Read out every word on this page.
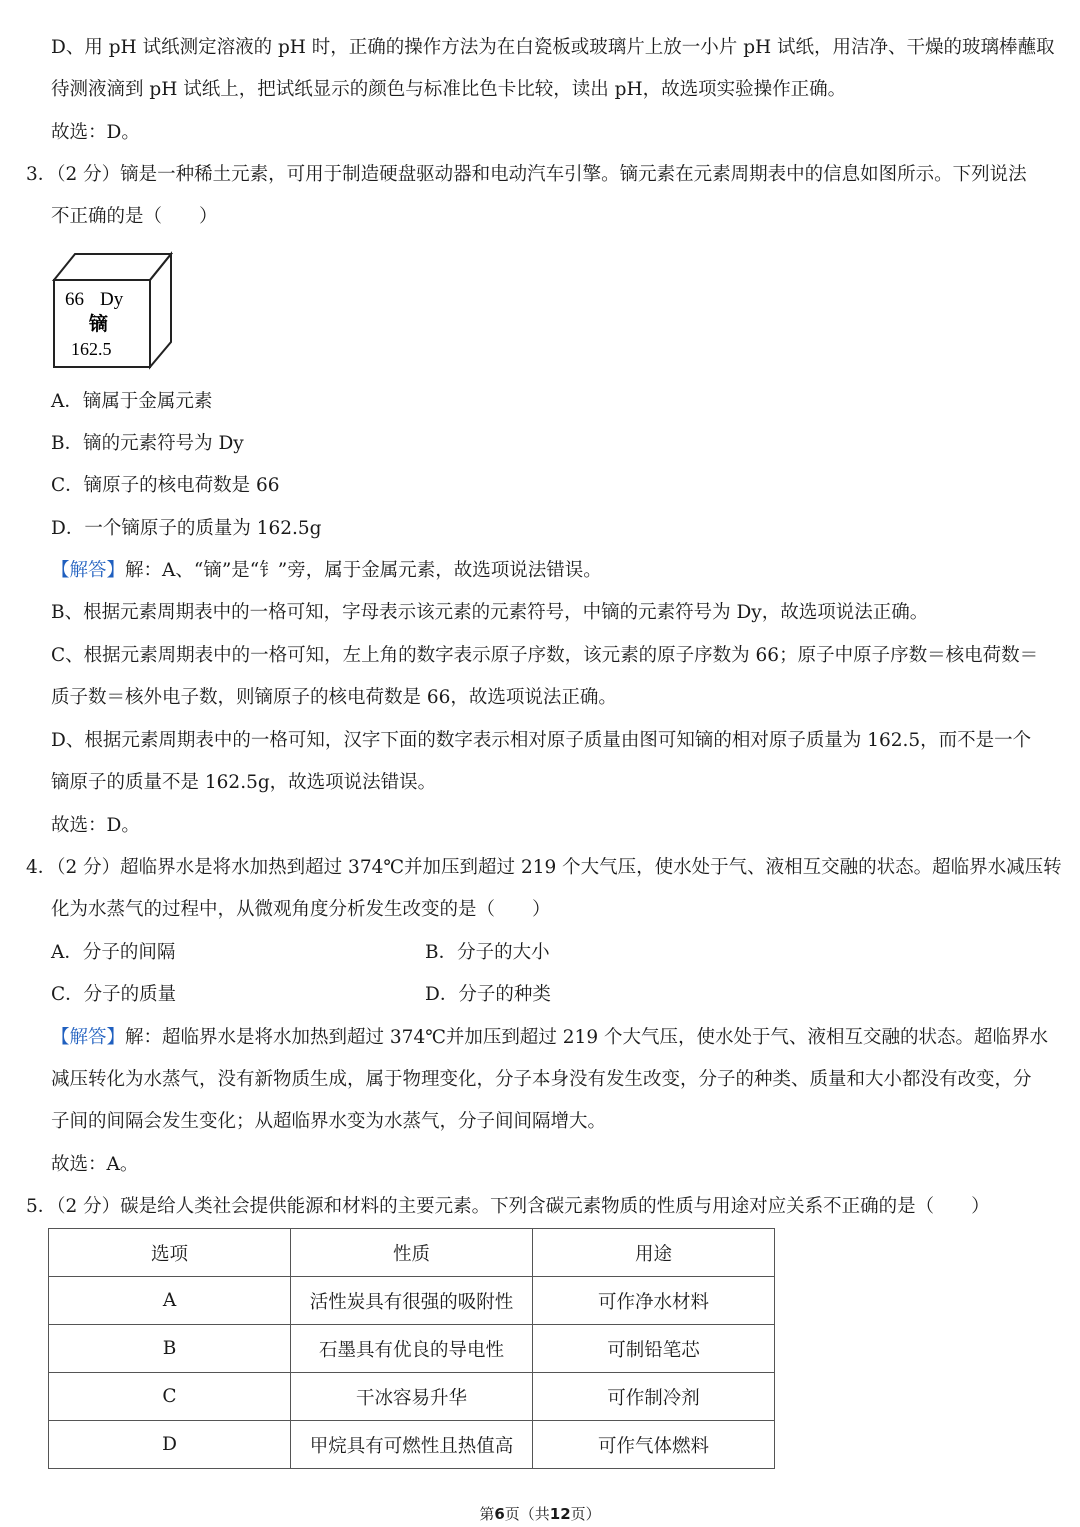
D、用 pH 试纸测定溶液的 pH 时，正确的操作方法为在白瓷板或玻璃片上放一小片 pH 试纸，用洁净、干燥的玻璃棒蘸取
待测液滴到 pH 试纸上，把试纸显示的颜色与标准比色卡比较，读出 pH，故选项实验操作正确。
故选：D。
3．（2 分）镝是一种稀土元素，可用于制造硬盘驱动器和电动汽车引擎。镝元素在元素周期表中的信息如图所示。下列说法
不正确的是（　　）
66 Dy
镝
162.5
A．镝属于金属元素
B．镝的元素符号为 Dy
C．镝原子的核电荷数是 66
D．一个镝原子的质量为 162.5g
【解答】解：A、“镝”是“钅”旁，属于金属元素，故选项说法错误。
B、根据元素周期表中的一格可知，字母表示该元素的元素符号，中镝的元素符号为 Dy，故选项说法正确。
C、根据元素周期表中的一格可知，左上角的数字表示原子序数，该元素的原子序数为 66；原子中原子序数＝核电荷数＝
质子数＝核外电子数，则镝原子的核电荷数是 66，故选项说法正确。
D、根据元素周期表中的一格可知，汉字下面的数字表示相对原子质量由图可知镝的相对原子质量为 162.5，而不是一个
镝原子的质量不是 162.5g，故选项说法错误。
故选：D。
4．（2 分）超临界水是将水加热到超过 374℃并加压到超过 219 个大气压，使水处于气、液相互交融的状态。超临界水减压转
化为水蒸气的过程中，从微观角度分析发生改变的是（　　）
A．分子的间隔	B．分子的大小
C．分子的质量	D．分子的种类
【解答】解：超临界水是将水加热到超过 374℃并加压到超过 219 个大气压，使水处于气、液相互交融的状态。超临界水
减压转化为水蒸气，没有新物质生成，属于物理变化，分子本身没有发生改变，分子的种类、质量和大小都没有改变，分
子间的间隔会发生变化；从超临界水变为水蒸气，分子间间隔增大。
故选：A。
5．（2 分）碳是给人类社会提供能源和材料的主要元素。下列含碳元素物质的性质与用途对应关系不正确的是（　　）
选项	性质	用途
A	活性炭具有很强的吸附性	可作净水材料
B	石墨具有优良的导电性	可制铅笔芯
C	干冰容易升华	可作制冷剂
D	甲烷具有可燃性且热值高	可作气体燃料
第6页（共12页）
